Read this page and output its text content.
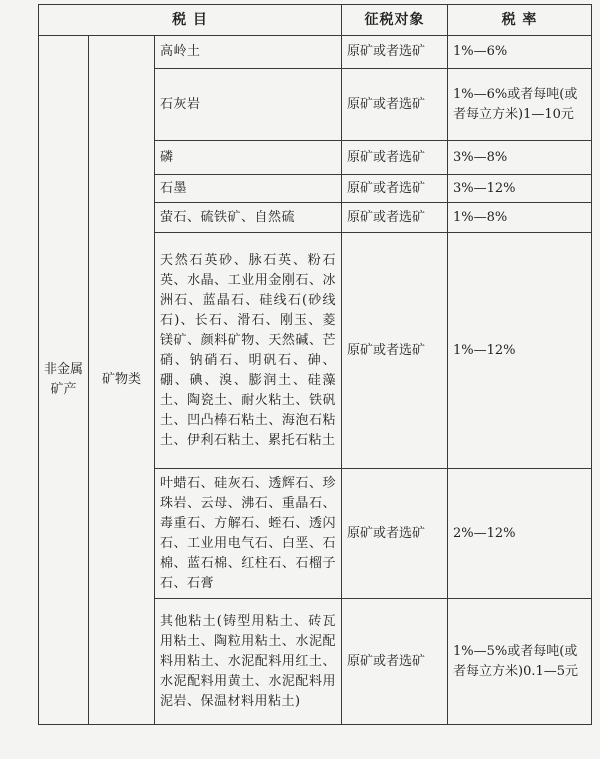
税 目			征税对象	税 率

非金属
矿产	矿物类	高岭土	原矿或者选矿	1%—6%
		石灰岩	原矿或者选矿	1%—6%或者每吨(或者每立方米)1—10元
		磷	原矿或者选矿	3%—8%
		石墨	原矿或者选矿	3%—12%
		萤石、硫铁矿、自然硫	原矿或者选矿	1%—8%
		天然石英砂、脉石英、粉石英、水晶、工业用金刚石、冰洲石、蓝晶石、硅线石(砂线石)、长石、滑石、刚玉、菱镁矿、颜料矿物、天然碱、芒硝、钠硝石、明矾石、砷、硼、碘、溴、膨润土、硅藻土、陶瓷土、耐火粘土、铁矾土、凹凸棒石粘土、海泡石粘土、伊利石粘土、累托石粘土	原矿或者选矿	1%—12%
		叶蜡石、硅灰石、透辉石、珍珠岩、云母、沸石、重晶石、毒重石、方解石、蛭石、透闪石、工业用电气石、白垩、石棉、蓝石棉、红柱石、石榴子石、石膏	原矿或者选矿	2%—12%
		其他粘土(铸型用粘土、砖瓦用粘土、陶粒用粘土、水泥配料用粘土、水泥配料用红土、水泥配料用黄土、水泥配料用泥岩、保温材料用粘土)	原矿或者选矿	1%—5%或者每吨(或者每立方米)0.1—5元
